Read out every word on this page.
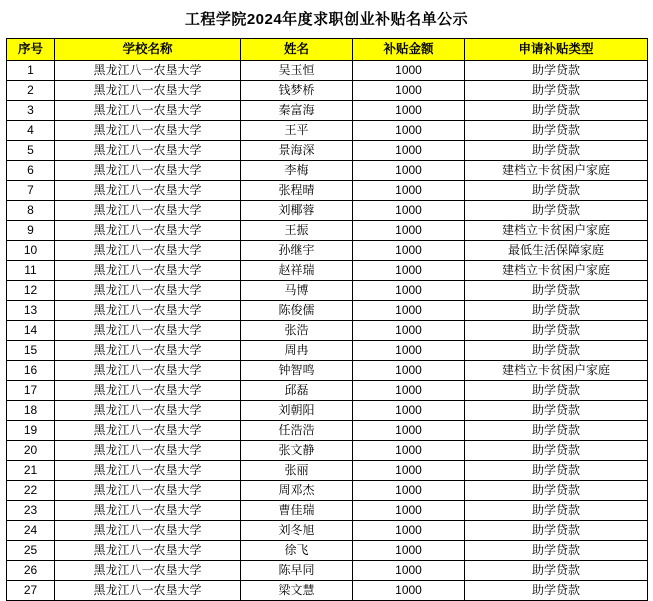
工程学院2024年度求职创业补贴名单公示
序号	学校名称	姓名	补贴金额	申请补贴类型
1	黑龙江八一农垦大学	吴玉恒	1000	助学贷款
2	黑龙江八一农垦大学	钱梦桥	1000	助学贷款
3	黑龙江八一农垦大学	秦富海	1000	助学贷款
4	黑龙江八一农垦大学	王平	1000	助学贷款
5	黑龙江八一农垦大学	景海深	1000	助学贷款
6	黑龙江八一农垦大学	李梅	1000	建档立卡贫困户家庭
7	黑龙江八一农垦大学	张程晴	1000	助学贷款
8	黑龙江八一农垦大学	刘椰蓉	1000	助学贷款
9	黑龙江八一农垦大学	王振	1000	建档立卡贫困户家庭
10	黑龙江八一农垦大学	孙继宇	1000	最低生活保障家庭
11	黑龙江八一农垦大学	赵祥瑞	1000	建档立卡贫困户家庭
12	黑龙江八一农垦大学	马博	1000	助学贷款
13	黑龙江八一农垦大学	陈俊儒	1000	助学贷款
14	黑龙江八一农垦大学	张浩	1000	助学贷款
15	黑龙江八一农垦大学	周冉	1000	助学贷款
16	黑龙江八一农垦大学	钟智鸣	1000	建档立卡贫困户家庭
17	黑龙江八一农垦大学	邱磊	1000	助学贷款
18	黑龙江八一农垦大学	刘朝阳	1000	助学贷款
19	黑龙江八一农垦大学	任浩浩	1000	助学贷款
20	黑龙江八一农垦大学	张文静	1000	助学贷款
21	黑龙江八一农垦大学	张丽	1000	助学贷款
22	黑龙江八一农垦大学	周邓杰	1000	助学贷款
23	黑龙江八一农垦大学	曹佳瑞	1000	助学贷款
24	黑龙江八一农垦大学	刘冬旭	1000	助学贷款
25	黑龙江八一农垦大学	徐飞	1000	助学贷款
26	黑龙江八一农垦大学	陈早同	1000	助学贷款
27	黑龙江八一农垦大学	梁文慧	1000	助学贷款
